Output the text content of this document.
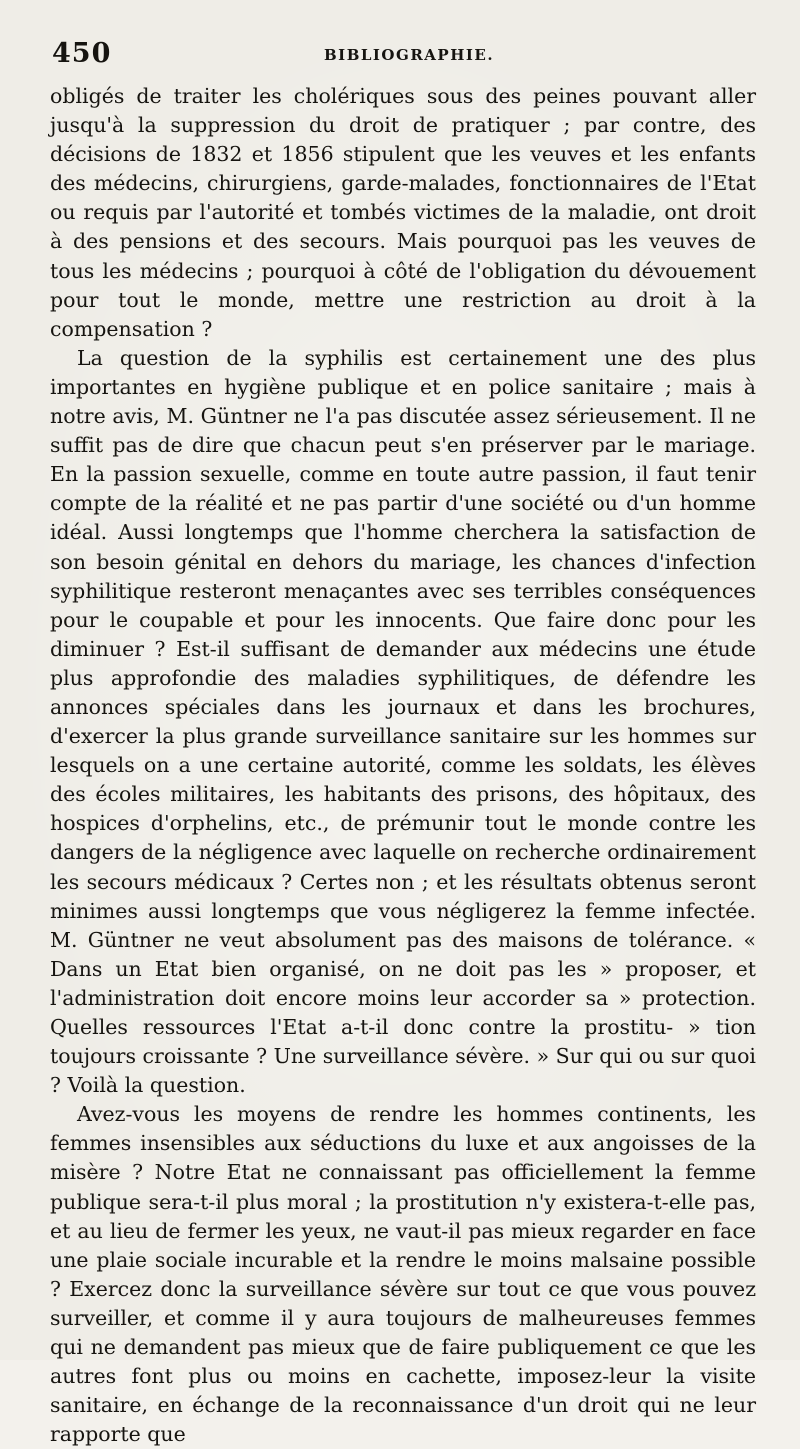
450	BIBLIOGRAPHIE.

obligés de traiter les cholériques sous des peines pouvant aller jusqu'à la suppression du droit de pratiquer ; par contre, des décisions de 1832 et 1856 stipulent que les veuves et les enfants des médecins, chirurgiens, garde-malades, fonctionnaires de l'Etat ou requis par l'autorité et tombés victimes de la maladie, ont droit à des pensions et des secours. Mais pourquoi pas les veuves de tous les médecins ; pourquoi à côté de l'obligation du dévouement pour tout le monde, mettre une restriction au droit à la compensation ?

La question de la syphilis est certainement une des plus importantes en hygiène publique et en police sanitaire ; mais à notre avis, M. Güntner ne l'a pas discutée assez sérieusement. Il ne suffit pas de dire que chacun peut s'en préserver par le mariage. En la passion sexuelle, comme en toute autre passion, il faut tenir compte de la réalité et ne pas partir d'une société ou d'un homme idéal. Aussi longtemps que l'homme cherchera la satisfaction de son besoin génital en dehors du mariage, les chances d'infection syphilitique resteront menaçantes avec ses terribles conséquences pour le coupable et pour les innocents. Que faire donc pour les diminuer ? Est-il suffisant de demander aux médecins une étude plus approfondie des maladies syphilitiques, de défendre les annonces spéciales dans les journaux et dans les brochures, d'exercer la plus grande surveillance sanitaire sur les hommes sur lesquels on a une certaine autorité, comme les soldats, les élèves des écoles militaires, les habitants des prisons, des hôpitaux, des hospices d'orphelins, etc., de prémunir tout le monde contre les dangers de la négligence avec laquelle on recherche ordinairement les secours médicaux ? Certes non ; et les résultats obtenus seront minimes aussi longtemps que vous négligerez la femme infectée. M. Güntner ne veut absolument pas des maisons de tolérance. « Dans un Etat bien organisé, on ne doit pas les » proposer, et l'administration doit encore moins leur accorder sa » protection. Quelles ressources l'Etat a-t-il donc contre la prostitu- » tion toujours croissante ? Une surveillance sévère. » Sur qui ou sur quoi ? Voilà la question.

Avez-vous les moyens de rendre les hommes continents, les femmes insensibles aux séductions du luxe et aux angoisses de la misère ? Notre Etat ne connaissant pas officiellement la femme publique sera-t-il plus moral ; la prostitution n'y existera-t-elle pas, et au lieu de fermer les yeux, ne vaut-il pas mieux regarder en face une plaie sociale incurable et la rendre le moins malsaine possible ? Exercez donc la surveillance sévère sur tout ce que vous pouvez surveiller, et comme il y aura toujours de malheureuses femmes qui ne demandent pas mieux que de faire publiquement ce que les autres font plus ou moins en cachette, imposez-leur la visite sanitaire, en échange de la reconnaissance d'un droit qui ne leur rapporte que
